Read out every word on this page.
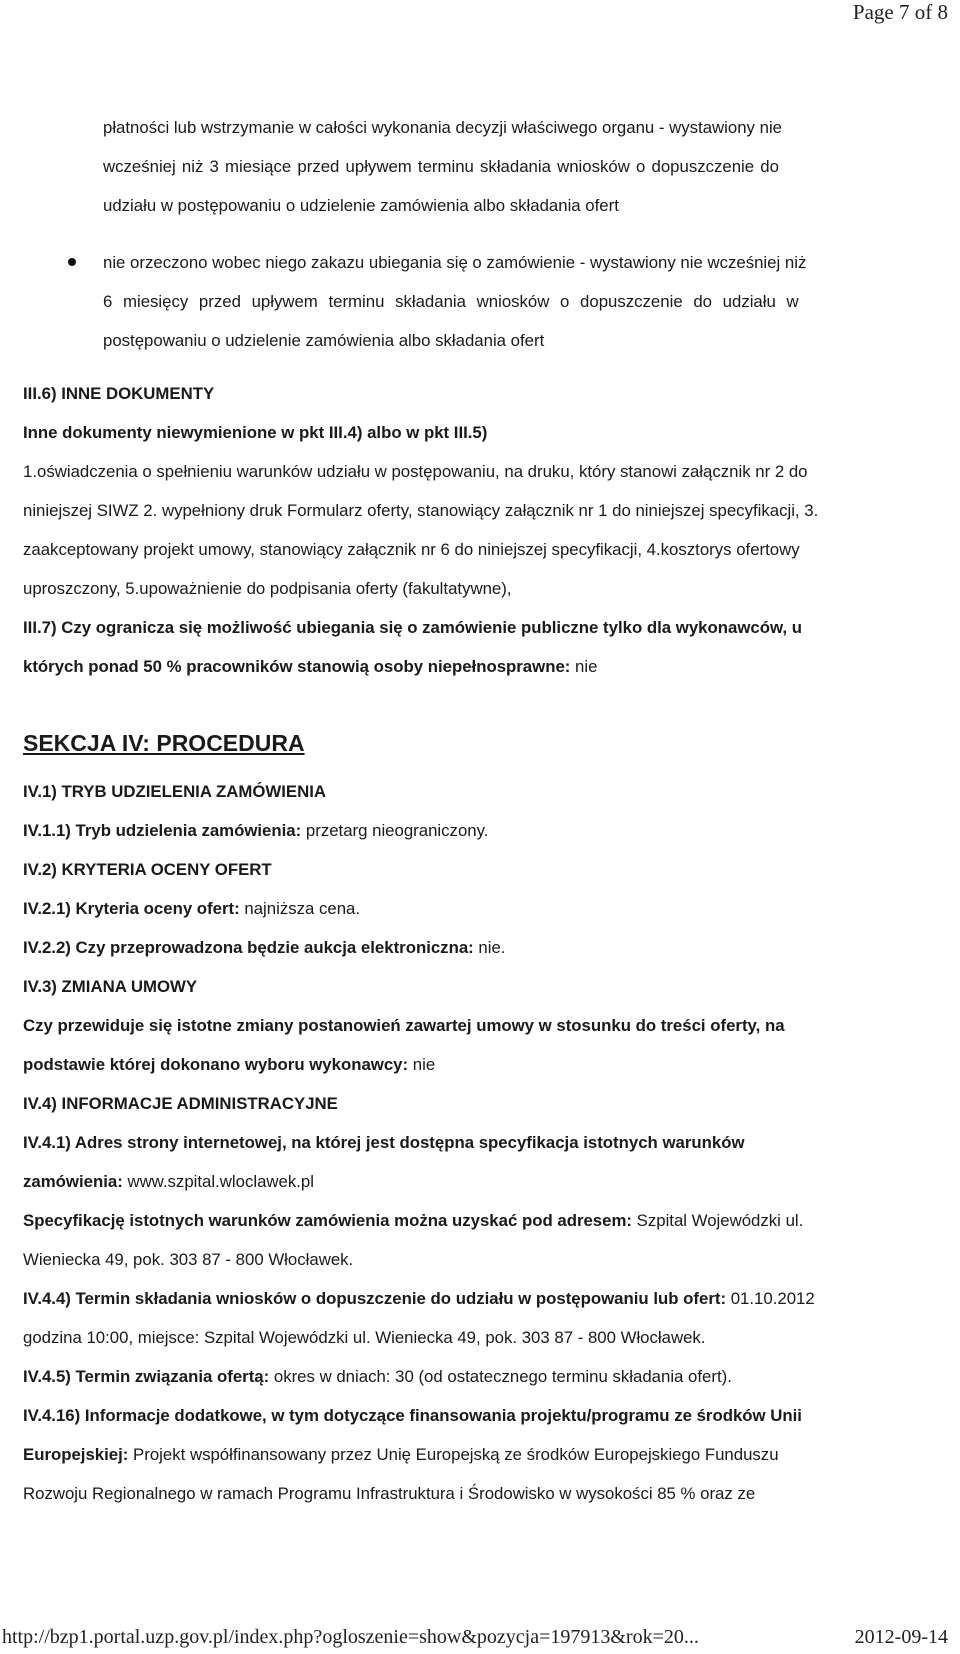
Page 7 of 8

płatności lub wstrzymanie w całości wykonania decyzji właściwego organu - wystawiony nie

wcześniej niż 3 miesiące przed upływem terminu składania wniosków o dopuszczenie do

udziału w postępowaniu o udzielenie zamówienia albo składania ofert

nie orzeczono wobec niego zakazu ubiegania się o zamówienie - wystawiony nie wcześniej niż

6 miesięcy przed upływem terminu składania wniosków o dopuszczenie do udziału w

postępowaniu o udzielenie zamówienia albo składania ofert

III.6) INNE DOKUMENTY

Inne dokumenty niewymienione w pkt III.4) albo w pkt III.5)

1.oświadczenia o spełnieniu warunków udziału w postępowaniu, na druku, który stanowi załącznik nr 2 do

niniejszej SIWZ 2. wypełniony druk Formularz oferty, stanowiący załącznik nr 1 do niniejszej specyfikacji, 3.

zaakceptowany projekt umowy, stanowiący załącznik nr 6 do niniejszej specyfikacji, 4.kosztorys ofertowy

uproszczony, 5.upoważnienie do podpisania oferty (fakultatywne),

III.7) Czy ogranicza się możliwość ubiegania się o zamówienie publiczne tylko dla wykonawców, u

których ponad 50 % pracowników stanowią osoby niepełnosprawne: nie

SEKCJA IV: PROCEDURA

IV.1) TRYB UDZIELENIA ZAMÓWIENIA

IV.1.1) Tryb udzielenia zamówienia: przetarg nieograniczony.

IV.2) KRYTERIA OCENY OFERT

IV.2.1) Kryteria oceny ofert: najniższa cena.

IV.2.2) Czy przeprowadzona będzie aukcja elektroniczna: nie.

IV.3) ZMIANA UMOWY

Czy przewiduje się istotne zmiany postanowień zawartej umowy w stosunku do treści oferty, na

podstawie której dokonano wyboru wykonawcy: nie

IV.4) INFORMACJE ADMINISTRACYJNE

IV.4.1) Adres strony internetowej, na której jest dostępna specyfikacja istotnych warunków

zamówienia: www.szpital.wloclawek.pl

Specyfikację istotnych warunków zamówienia można uzyskać pod adresem: Szpital Wojewódzki ul.

Wieniecka 49, pok. 303 87 - 800 Włocławek.

IV.4.4) Termin składania wniosków o dopuszczenie do udziału w postępowaniu lub ofert: 01.10.2012

godzina 10:00, miejsce: Szpital Wojewódzki ul. Wieniecka 49, pok. 303 87 - 800 Włocławek.

IV.4.5) Termin związania ofertą: okres w dniach: 30 (od ostatecznego terminu składania ofert).

IV.4.16) Informacje dodatkowe, w tym dotyczące finansowania projektu/programu ze środków Unii

Europejskiej: Projekt współfinansowany przez Unię Europejską ze środków Europejskiego Funduszu

Rozwoju Regionalnego w ramach Programu Infrastruktura i Środowisko w wysokości 85 % oraz ze

http://bzp1.portal.uzp.gov.pl/index.php?ogloszenie=show&pozycja=197913&rok=20...	2012-09-14
